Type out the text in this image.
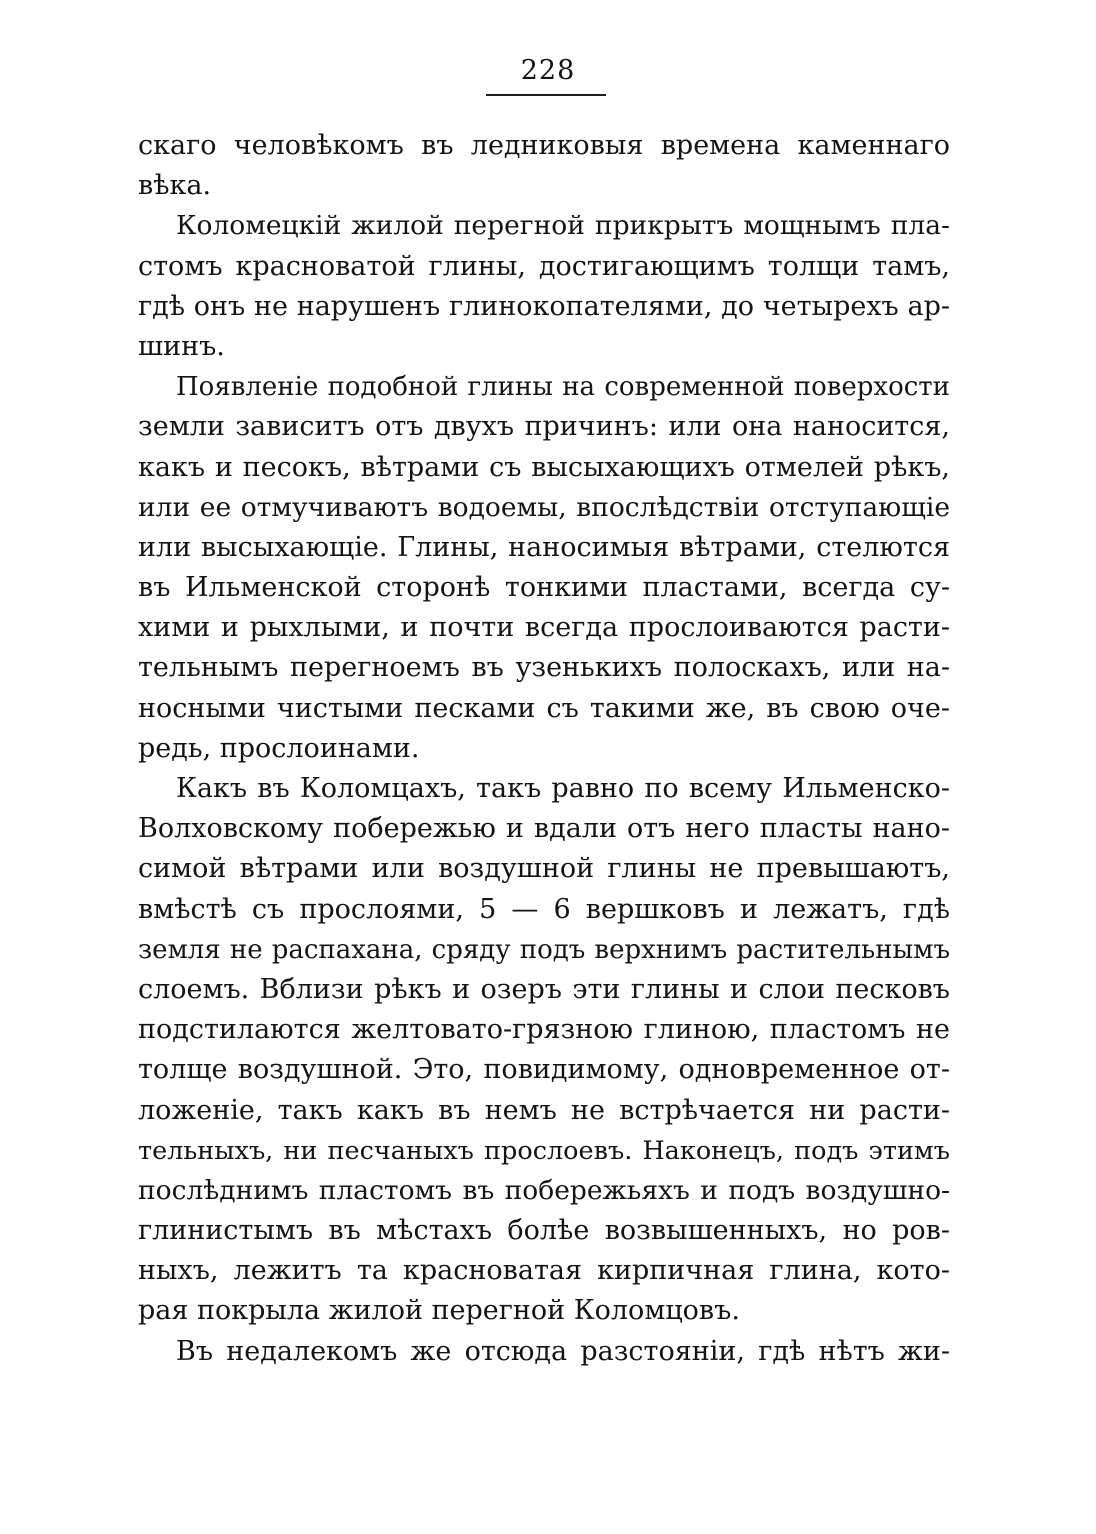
228
скаго человѣкомъ въ ледниковыя времена каменнаго
вѣка.
Коломецкій жилой перегной прикрытъ мощнымъ пла-
стомъ красноватой глины, достигающимъ толщи тамъ,
гдѣ онъ не нарушенъ глинокопателями, до четырехъ ар-
шинъ.
Появленіе подобной глины на современной поверхости
земли зависитъ отъ двухъ причинъ: или она наносится,
какъ и песокъ, вѣтрами съ высыхающихъ отмелей рѣкъ,
или ее отмучиваютъ водоемы, впослѣдствіи отступающіе
или высыхающіе. Глины, наносимыя вѣтрами, стелются
въ Ильменской сторонѣ тонкими пластами, всегда су-
хими и рыхлыми, и почти всегда прослоиваются расти-
тельнымъ перегноемъ въ узенькихъ полоскахъ, или на-
носными чистыми песками съ такими же, въ свою оче-
редь, прослоинами.
Какъ въ Коломцахъ, такъ равно по всему Ильменско-
Волховскому побережью и вдали отъ него пласты нано-
симой вѣтрами или воздушной глины не превышаютъ,
вмѣстѣ съ прослоями, 5 — 6 вершковъ и лежатъ, гдѣ
земля не распахана, сряду подъ верхнимъ растительнымъ
слоемъ. Вблизи рѣкъ и озеръ эти глины и слои песковъ
подстилаются желтовато-грязною глиною, пластомъ не
толще воздушной. Это, повидимому, одновременное от-
ложеніе, такъ какъ въ немъ не встрѣчается ни расти-
тельныхъ, ни песчаныхъ прослоевъ. Наконецъ, подъ этимъ
послѣднимъ пластомъ въ побережьяхъ и подъ воздушно-
глинистымъ въ мѣстахъ болѣе возвышенныхъ, но ров-
ныхъ, лежитъ та красноватая кирпичная глина, кото-
рая покрыла жилой перегной Коломцовъ.
Въ недалекомъ же отсюда разстояніи, гдѣ нѣтъ жи-
